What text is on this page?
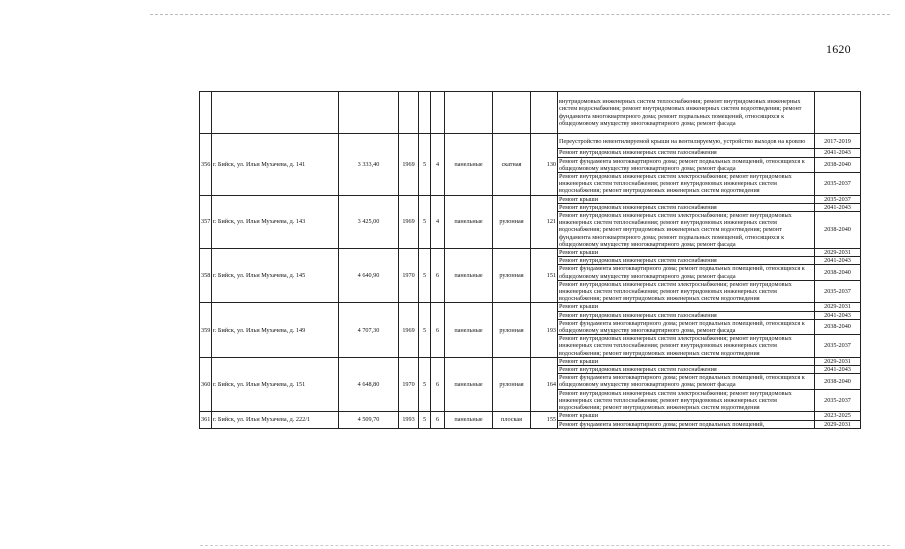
1620
									внутридомовых инженерных систем теплоснабжения; ремонт внутридомовых инженерных систем водоснабжения; ремонт внутридомовых инженерных систем водоотведения; ремонт фундамента многоквартирного дома; ремонт подвальных помещений, относящихся к общедомовому имуществу многоквартирного дома; ремонт фасада	
356	г. Бийск, ул. Ильи Мухачева, д. 141	3 333,40	1969	5	4	панельные	скатная	130	Переустройство невентилируемой крыши на вентилируемую, устройство выходов на кровлю	2017-2019
									Ремонт внутридомовых инженерных систем газоснабжения	2041-2043
									Ремонт фундамента многоквартирного дома; ремонт подвальных помещений, относящихся к общедомовому имуществу многоквартирного дома; ремонт фасада	2038-2040
									Ремонт внутридомовых инженерных систем электроснабжения; ремонт внутридомовых инженерных систем теплоснабжения; ремонт внутридомовых инженерных систем водоснабжения; ремонт внутридомовых инженерных систем водоотведения	2035-2037
357	г. Бийск, ул. Ильи Мухачева, д. 143	3 425,00	1969	5	4	панельные	рулонная	121	Ремонт крыши	2035-2037
									Ремонт внутридомовых инженерных систем газоснабжения	2041-2043
									Ремонт внутридомовых инженерных систем электроснабжения; ремонт внутридомовых инженерных систем теплоснабжения; ремонт внутридомовых инженерных систем водоснабжения; ремонт внутридомовых инженерных систем водоотведения; ремонт фундамента многоквартирного дома; ремонт подвальных помещений, относящихся к общедомовому имуществу многоквартирного дома; ремонт фасада	2038-2040
358	г. Бийск, ул. Ильи Мухачева, д. 145	4 640,90	1970	5	6	панельные	рулонная	151	Ремонт крыши	2029-2031
									Ремонт внутридомовых инженерных систем газоснабжения	2041-2043
									Ремонт фундамента многоквартирного дома; ремонт подвальных помещений, относящихся к общедомовому имуществу многоквартирного дома; ремонт фасада	2038-2040
									Ремонт внутридомовых инженерных систем электроснабжения; ремонт внутридомовых инженерных систем теплоснабжения; ремонт внутридомовых инженерных систем водоснабжения; ремонт внутридомовых инженерных систем водоотведения	2035-2037
359	г. Бийск, ул. Ильи Мухачева, д. 149	4 707,30	1969	5	6	панельные	рулонная	193	Ремонт крыши	2029-2031
									Ремонт внутридомовых инженерных систем газоснабжения	2041-2043
									Ремонт фундамента многоквартирного дома; ремонт подвальных помещений, относящихся к общедомовому имуществу многоквартирного дома, ремонт фасада	2038-2040
									Ремонт внутридомовых инженерных систем электроснабжения; ремонт внутридомовых инженерных систем теплоснабжения; ремонт внутридомовых инженерных систем водоснабжения; ремонт внутридомовых инженерных систем водоотведения	2035-2037
360	г. Бийск, ул. Ильи Мухачева, д. 151	4 648,80	1970	5	6	панельные	рулонная	164	Ремонт крыши	2029-2031
									Ремонт внутридомовых инженерных систем газоснабжения	2041-2043
									Ремонт фундамента многоквартирного дома; ремонт подвальных помещений, относящихся к общедомовому имуществу многоквартирного дома; ремонт фасада	2038-2040
									Ремонт внутридомовых инженерных систем электроснабжения; ремонт внутридомовых инженерных систем теплоснабжения; ремонт внутридомовых инженерных систем водоснабжения; ремонт внутридомовых инженерных систем водоотведения	2035-2037
361	г. Бийск, ул. Ильи Мухачева, д. 222/1	4 509,70	1993	5	6	панельные	плоская	155	Ремонт крыши	2023-2025
									Ремонт фундамента многоквартирного дома; ремонт подвальных помещений,	2029-2031
